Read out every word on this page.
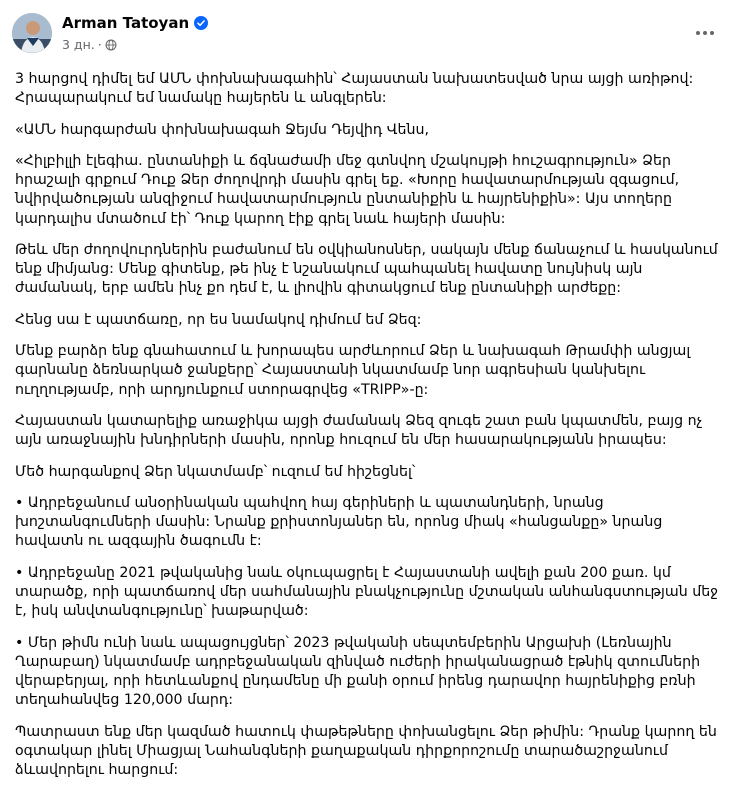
Arman Tatoyan
3 дн. ·

3 հարցով դիմել եմ ԱՄՆ փոխնախագահին՝ Հայաստան նախատեսված նրա այցի առիթով: Հրապարակում եմ նամակը հայերեն և անգլերեն:

«ԱՄՆ հարգարժան փոխնախագահ Ջեյմս Դեյվիդ Վենս,

«Հիլբիլլի էլեգիա. ընտանիքի և ճգնաժամի մեջ գտնվող մշակույթի հուշագրություն» Ձեր հրաշալի գրքում Դուք Ձեր ժողովրդի մասին գրել եք. «Խորը հավատարմության զգացում, նվիրվածության անզիջում հավատարմություն ընտանիքին և հայրենիքին»: Այս տողերը կարդալիս մտածում էի՝ Դուք կարող էիք գրել նաև հայերի մասին:

Թեև մեր ժողովուրդներին բաժանում են օվկիանոսներ, սակայն մենք ճանաչում և հասկանում ենք միմյանց: Մենք գիտենք, թե ինչ է նշանակում պահպանել հավատը նույնիսկ այն ժամանակ, երբ ամեն ինչ քո դեմ է, և լիովին գիտակցում ենք ընտանիքի արժեքը:

Հենց սա է պատճառը, որ ես նամակով դիմում եմ Ձեզ:

Մենք բարձր ենք գնահատում և խորապես արժևորում Ձեր և նախագահ Թրամփի անցյալ գարնանը ձեռնարկած ջանքերը՝ Հայաստանի նկատմամբ նոր ագրեսիան կանխելու ուղղությամբ, որի արդյունքում ստորագրվեց «TRIPP»-ը:

Հայաստան կատարելիք առաջիկա այցի ժամանակ Ձեզ զուգե շատ բան կպատմեն, բայց ոչ այն առաջնային խնդիրների մասին, որոնք հուզում են մեր հասարակությանն իրապես:

Մեծ հարգանքով Ձեր նկատմամբ՝ ուզում եմ հիշեցնել՝

• Ադրբեջանում անօրինական պահվող հայ գերիների և պատանդների, նրանց խոշտանգումների մասին: Նրանք քրիստոնյաներ են, որոնց միակ «հանցանքը» նրանց հավատն ու ազգային ծագումն է:

• Ադրբեջանը 2021 թվականից նաև օկուպացրել է Հայաստանի ավելի քան 200 քառ. կմ տարածք, որի պատճառով մեր սահմանային բնակչությունը մշտական անհանգստության մեջ է, իսկ անվտանգությունը՝ խաթարված:

• Մեր թիմն ունի նաև ապացույցներ՝ 2023 թվականի սեպտեմբերին Արցախի (Լեռնային Ղարաբաղ) նկատմամբ ադրբեջանական զինված ուժերի իրականացրած էթնիկ զտումների վերաբերյալ, որի հետևանքով ընդամենը մի քանի օրում իրենց դարավոր հայրենիքից բռնի տեղահանվեց 120,000 մարդ:

Պատրաստ ենք մեր կազմած հատուկ փաթեթները փոխանցելու Ձեր թիմին: Դրանք կարող են օգտակար լինել Միացյալ Նահանգների քաղաքական դիրքորոշումը տարածաշրջանում ձևավորելու հարցում:
